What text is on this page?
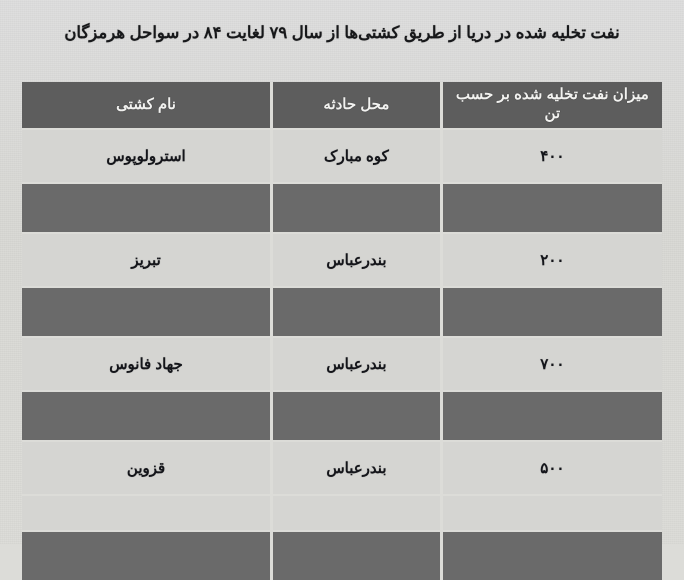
نفت تخلیه شده در دریا از طریق کشتی‌ها از سال ۷۹ لغایت ۸۴ در سواحل هرمزگان
میزان نفت تخلیه شده بر حسب تن	محل حادثه	نام کشتی
۴۰۰	کوه مبارک	استرولوپوس

۲۰۰	بندرعباس	تبریز

۷۰۰	بندرعباس	جهاد فانوس

۵۰۰	بندرعباس	قزوین
